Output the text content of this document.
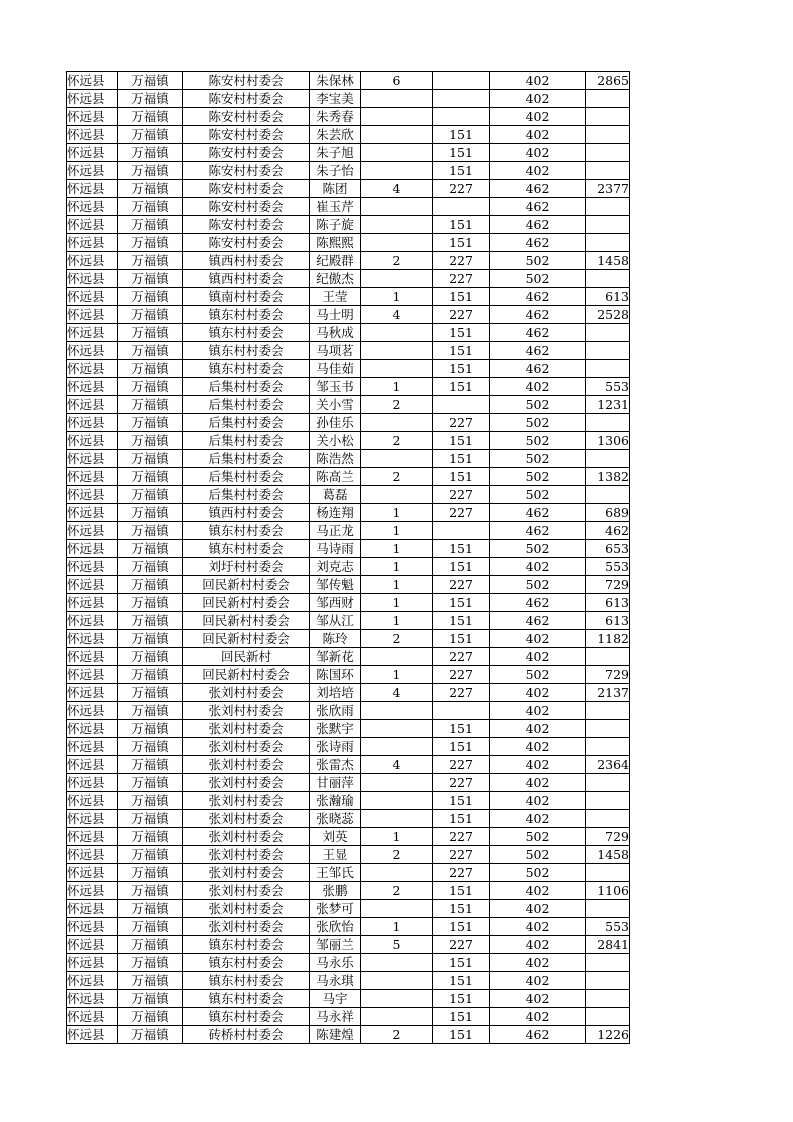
怀远县	万福镇	陈安村村委会	朱保林	6		402	2865
怀远县	万福镇	陈安村村委会	李宝美			402	
怀远县	万福镇	陈安村村委会	朱秀春			402	
怀远县	万福镇	陈安村村委会	朱芸欣		151	402	
怀远县	万福镇	陈安村村委会	朱子旭		151	402	
怀远县	万福镇	陈安村村委会	朱子怡		151	402	
怀远县	万福镇	陈安村村委会	陈团	4	227	462	2377
怀远县	万福镇	陈安村村委会	崔玉芹			462	
怀远县	万福镇	陈安村村委会	陈子旋		151	462	
怀远县	万福镇	陈安村村委会	陈熙熙		151	462	
怀远县	万福镇	镇西村村委会	纪殿群	2	227	502	1458
怀远县	万福镇	镇西村村委会	纪傲杰		227	502	
怀远县	万福镇	镇南村村委会	王莹	1	151	462	613
怀远县	万福镇	镇东村村委会	马士明	4	227	462	2528
怀远县	万福镇	镇东村村委会	马秋成		151	462	
怀远县	万福镇	镇东村村委会	马项茗		151	462	
怀远县	万福镇	镇东村村委会	马佳茹		151	462	
怀远县	万福镇	后集村村委会	邹玉书	1	151	402	553
怀远县	万福镇	后集村村委会	关小雪	2		502	1231
怀远县	万福镇	后集村村委会	孙佳乐		227	502	
怀远县	万福镇	后集村村委会	关小松	2	151	502	1306
怀远县	万福镇	后集村村委会	陈浩然		151	502	
怀远县	万福镇	后集村村委会	陈高兰	2	151	502	1382
怀远县	万福镇	后集村村委会	葛磊		227	502	
怀远县	万福镇	镇西村村委会	杨连翔	1	227	462	689
怀远县	万福镇	镇东村村委会	马正龙	1		462	462
怀远县	万福镇	镇东村村委会	马诗雨	1	151	502	653
怀远县	万福镇	刘圩村村委会	刘克志	1	151	402	553
怀远县	万福镇	回民新村村委会	邹传魁	1	227	502	729
怀远县	万福镇	回民新村村委会	邹西财	1	151	462	613
怀远县	万福镇	回民新村村委会	邹从江	1	151	462	613
怀远县	万福镇	回民新村村委会	陈玲	2	151	402	1182
怀远县	万福镇	回民新村	邹新花		227	402	
怀远县	万福镇	回民新村村委会	陈国环	1	227	502	729
怀远县	万福镇	张刘村村委会	刘培培	4	227	402	2137
怀远县	万福镇	张刘村村委会	张欣雨			402	
怀远县	万福镇	张刘村村委会	张默宇		151	402	
怀远县	万福镇	张刘村村委会	张诗雨		151	402	
怀远县	万福镇	张刘村村委会	张雷杰	4	227	402	2364
怀远县	万福镇	张刘村村委会	甘丽萍		227	402	
怀远县	万福镇	张刘村村委会	张瀚瑜		151	402	
怀远县	万福镇	张刘村村委会	张晓蕊		151	402	
怀远县	万福镇	张刘村村委会	刘英	1	227	502	729
怀远县	万福镇	张刘村村委会	王显	2	227	502	1458
怀远县	万福镇	张刘村村委会	王邹氏		227	502	
怀远县	万福镇	张刘村村委会	张鹏	2	151	402	1106
怀远县	万福镇	张刘村村委会	张梦可		151	402	
怀远县	万福镇	张刘村村委会	张欣怡	1	151	402	553
怀远县	万福镇	镇东村村委会	邹丽兰	5	227	402	2841
怀远县	万福镇	镇东村村委会	马永乐		151	402	
怀远县	万福镇	镇东村村委会	马永琪		151	402	
怀远县	万福镇	镇东村村委会	马宇		151	402	
怀远县	万福镇	镇东村村委会	马永祥		151	402	
怀远县	万福镇	砖桥村村委会	陈建煌	2	151	462	1226
